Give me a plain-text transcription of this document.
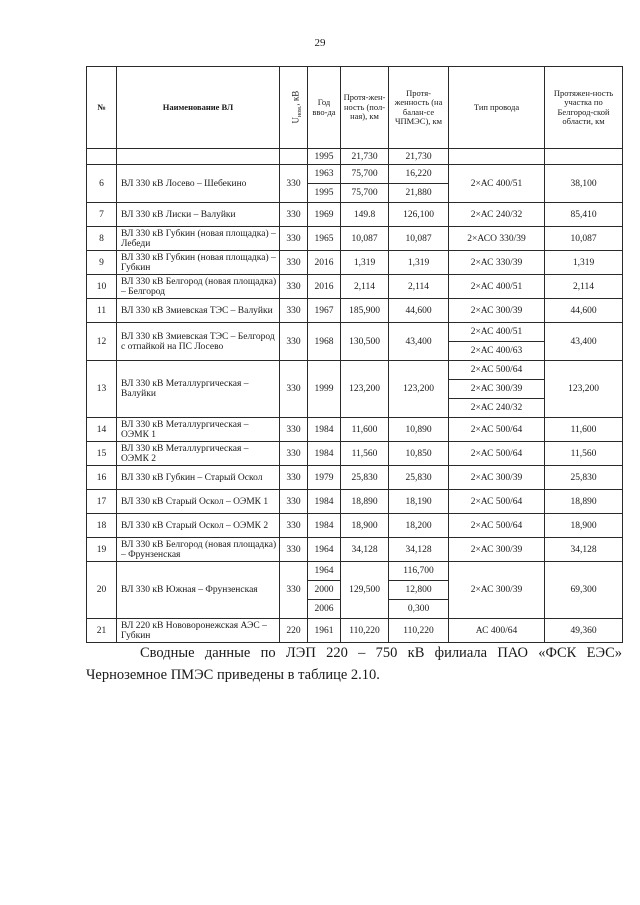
29
№	Наименование ВЛ	$U_{ном.}$, кВ	Год вво-да	Протя-жен-ность (пол-ная), км	Протя-женность (на балан-се ЧПМЭС), км	Тип провода	Протяжен-ность участка по Белгород-ской области, км
			1995	21,730	21,730		
6	ВЛ 330 кВ Лосево – Шебекино	330	1963	75,700	16,220	2×АС 400/51	38,100
			1995	75,700	21,880		
7	ВЛ 330 кВ Лиски – Валуйки	330	1969	149.8	126,100	2×АС 240/32	85,410
8	ВЛ 330 кВ Губкин (новая площадка) – Лебеди	330	1965	10,087	10,087	2×АСО 330/39	10,087
9	ВЛ 330 кВ Губкин (новая площадка) – Губкин	330	2016	1,319	1,319	2×АС 330/39	1,319
10	ВЛ 330 кВ Белгород (новая площадка) – Белгород	330	2016	2,114	2,114	2×АС 400/51	2,114
11	ВЛ 330 кВ Змиевская ТЭС – Валуйки	330	1967	185,900	44,600	2×АС 300/39	44,600
12	ВЛ 330 кВ Змиевская ТЭС – Белгород с отпайкой на ПС Лосево	330	1968	130,500	43,400	2×АС 400/51	43,400
						2×АС 400/63	
13	ВЛ 330 кВ Металлургическая – Валуйки	330	1999	123,200	123,200	2×АС 500/64	123,200
						2×АС 300/39	
						2×АС 240/32	
14	ВЛ 330 кВ Металлургическая – ОЭМК 1	330	1984	11,600	10,890	2×АС 500/64	11,600
15	ВЛ 330 кВ Металлургическая – ОЭМК 2	330	1984	11,560	10,850	2×АС 500/64	11,560
16	ВЛ 330 кВ Губкин – Старый Оскол	330	1979	25,830	25,830	2×АС 300/39	25,830
17	ВЛ 330 кВ Старый Оскол – ОЭМК 1	330	1984	18,890	18,190	2×АС 500/64	18,890
18	ВЛ 330 кВ Старый Оскол – ОЭМК 2	330	1984	18,900	18,200	2×АС 500/64	18,900
19	ВЛ 330 кВ Белгород (новая площадка) – Фрунзенская	330	1964	34,128	34,128	2×АС 300/39	34,128
20	ВЛ 330 кВ Южная – Фрунзенская	330	1964	129,500	116,700	2×АС 300/39	69,300
			2000		12,800		
			2006		0,300		
21	ВЛ 220 кВ Нововоронежская АЭС – Губкин	220	1961	110,220	110,220	АС 400/64	49,360
Сводные данные по ЛЭП 220 – 750 кВ филиала ПАО «ФСК ЕЭС»
Черноземное ПМЭС приведены в таблице 2.10.
